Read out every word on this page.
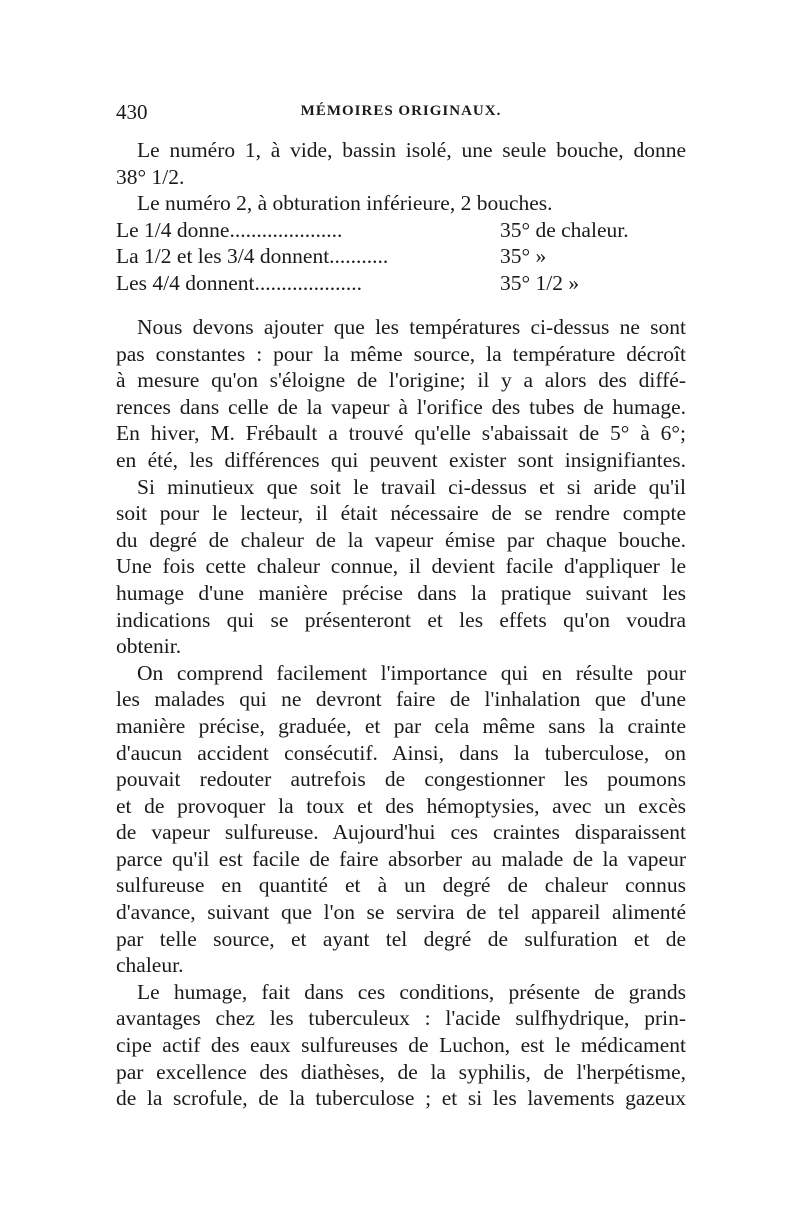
430	MÉMOIRES ORIGINAUX.
Le numéro 1, à vide, bassin isolé, une seule bouche, donne
38° 1/2.
Le numéro 2, à obturation inférieure, 2 bouches.
Le 1/4 donne.....................	35° de chaleur.
La 1/2 et les 3/4 donnent...........	35° »
Les 4/4 donnent....................	35° 1/2 »
Nous devons ajouter que les températures ci-dessus ne sont
pas constantes : pour la même source, la température décroît
à mesure qu'on s'éloigne de l'origine; il y a alors des diffé-
rences dans celle de la vapeur à l'orifice des tubes de humage.
En hiver, M. Frébault a trouvé qu'elle s'abaissait de 5° à 6°;
en été, les différences qui peuvent exister sont insignifiantes.
Si minutieux que soit le travail ci-dessus et si aride qu'il
soit pour le lecteur, il était nécessaire de se rendre compte
du degré de chaleur de la vapeur émise par chaque bouche.
Une fois cette chaleur connue, il devient facile d'appliquer le
humage d'une manière précise dans la pratique suivant les
indications qui se présenteront et les effets qu'on voudra
obtenir.
On comprend facilement l'importance qui en résulte pour
les malades qui ne devront faire de l'inhalation que d'une
manière précise, graduée, et par cela même sans la crainte
d'aucun accident consécutif. Ainsi, dans la tuberculose, on
pouvait redouter autrefois de congestionner les poumons
et de provoquer la toux et des hémoptysies, avec un excès
de vapeur sulfureuse. Aujourd'hui ces craintes disparaissent
parce qu'il est facile de faire absorber au malade de la vapeur
sulfureuse en quantité et à un degré de chaleur connus
d'avance, suivant que l'on se servira de tel appareil alimenté
par telle source, et ayant tel degré de sulfuration et de
chaleur.
Le humage, fait dans ces conditions, présente de grands
avantages chez les tuberculeux : l'acide sulfhydrique, prin-
cipe actif des eaux sulfureuses de Luchon, est le médicament
par excellence des diathèses, de la syphilis, de l'herpétisme,
de la scrofule, de la tuberculose ; et si les lavements gazeux
